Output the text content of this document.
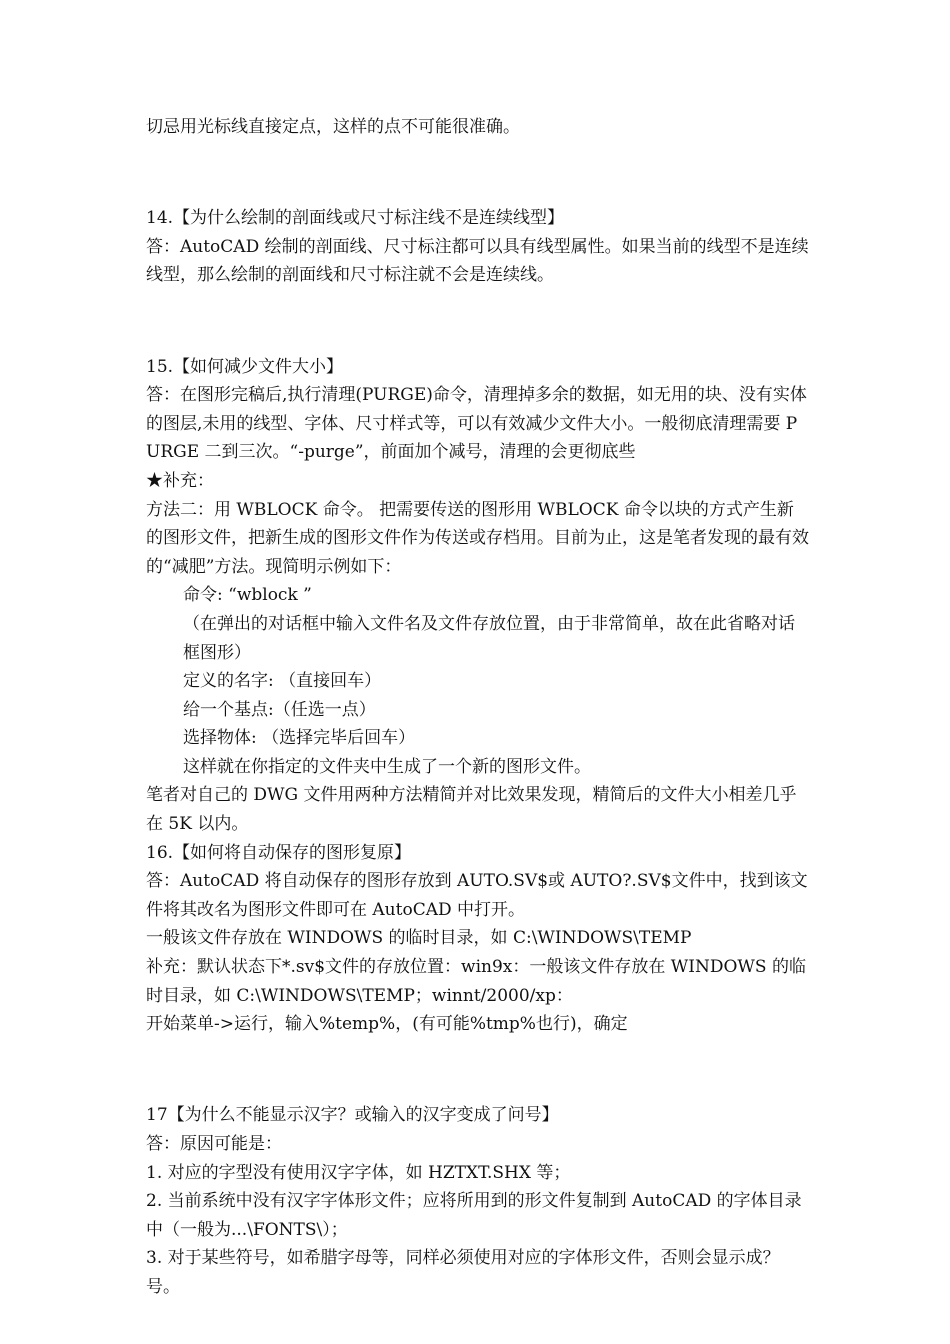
切忌用光标线直接定点，这样的点不可能很准确。

14.【为什么绘制的剖面线或尺寸标注线不是连续线型】

答：AutoCAD 绘制的剖面线、尺寸标注都可以具有线型属性。如果当前的线型不是连续线型，那么绘制的剖面线和尺寸标注就不会是连续线。

15.【如何减少文件大小】

答：在图形完稿后,执行清理(PURGE)命令，清理掉多余的数据，如无用的块、没有实体的图层,未用的线型、字体、尺寸样式等，可以有效减少文件大小。一般彻底清理需要 PURGE 二到三次。“-purge”，前面加个减号，清理的会更彻底些

★补充：

方法二：用 WBLOCK 命令。 把需要传送的图形用 WBLOCK 命令以块的方式产生新的图形文件，把新生成的图形文件作为传送或存档用。目前为止，这是笔者发现的最有效的“减肥”方法。现简明示例如下：

命令: “wblock ”

（在弹出的对话框中输入文件名及文件存放位置，由于非常简单，故在此省略对话框图形）

定义的名字: （直接回车）

给一个基点:（任选一点）

选择物体: （选择完毕后回车）

这样就在你指定的文件夹中生成了一个新的图形文件。

笔者对自己的 DWG 文件用两种方法精简并对比效果发现，精简后的文件大小相差几乎在 5K 以内。

16.【如何将自动保存的图形复原】

答：AutoCAD 将自动保存的图形存放到 AUTO.SV$或 AUTO?.SV$文件中，找到该文件将其改名为图形文件即可在 AutoCAD 中打开。

一般该文件存放在 WINDOWS 的临时目录，如 C:\WINDOWS\TEMP

补充：默认状态下*.sv$文件的存放位置：win9x：一般该文件存放在 WINDOWS 的临时目录，如 C:\WINDOWS\TEMP；winnt/2000/xp：

开始菜单->运行，输入%temp%，(有可能%tmp%也行)，确定

17【为什么不能显示汉字？或输入的汉字变成了问号】

答：原因可能是：

1. 对应的字型没有使用汉字字体，如 HZTXT.SHX 等；

2. 当前系统中没有汉字字体形文件；应将所用到的形文件复制到 AutoCAD 的字体目录中（一般为...\FONTS\）；

3. 对于某些符号，如希腊字母等，同样必须使用对应的字体形文件，否则会显示成？号。
